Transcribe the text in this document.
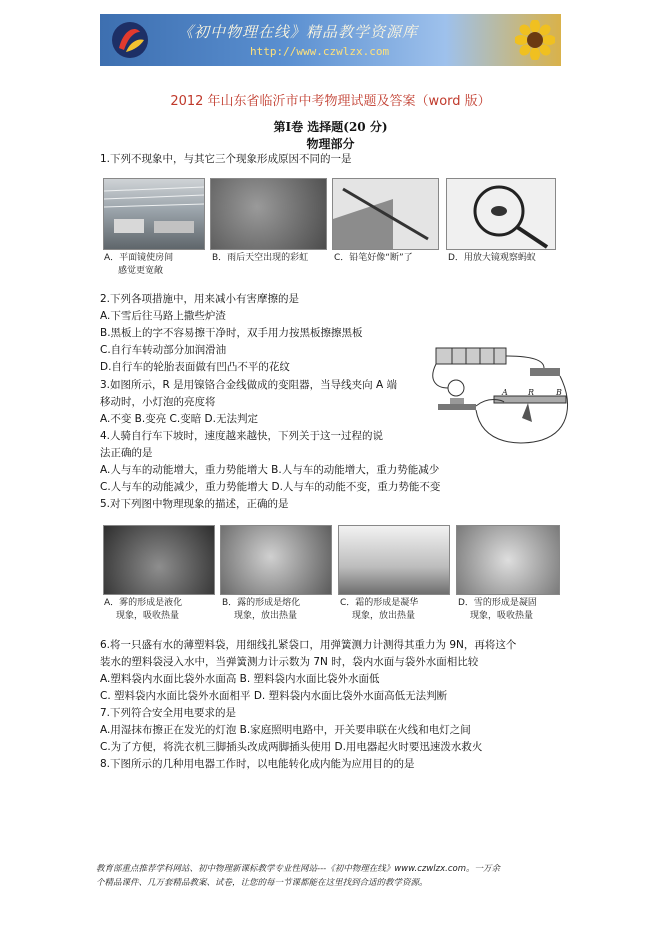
《初中物理在线》精品教学资源库
http://www.czwlzx.com
2012 年山东省临沂市中考物理试题及答案（word 版）
第Ⅰ卷 选择题(20 分)
物理部分
1.下列不现象中，与其它三个现象形成原因不同的一是
A．平面镜使房间
感觉更宽敞
B．雨后天空出现的彩虹	C．铅笔好像“断”了	D．用放大镜观察蚂蚁
2.下列各项措施中，用来减小有害摩擦的是
A.下雪后往马路上撒些炉渣
B.黑板上的字不容易擦干净时，双手用力按黑板擦擦黑板
C.自行车转动部分加润滑油
D.自行车的轮胎表面做有凹凸不平的花纹
3.如图所示，R 是用镍铬合金线做成的变阻器，当导线夹向 A 端
移动时，小灯泡的亮度将
A.不变 B.变亮 C.变暗 D.无法判定
A	R	B
4.人骑自行车下坡时，速度越来越快，下列关于这一过程的说
法正确的是
A.人与车的动能增大，重力势能增大 B.人与车的动能增大，重力势能减少
C.人与车的动能减少，重力势能增大 D.人与车的动能不变，重力势能不变
5.对下列图中物理现象的描述，正确的是
A．雾的形成是液化
现象，吸收热量
B．露的形成是熔化
现象，放出热量
C．霜的形成是凝华
现象，放出热量
D．雪的形成是凝固
现象，吸收热量
6.将一只盛有水的薄塑料袋，用细线扎紧袋口，用弹簧测力计测得其重力为 9N，再将这个
装水的塑料袋浸入水中，当弹簧测力计示数为 7N 时，袋内水面与袋外水面相比较
A.塑料袋内水面比袋外水面高 B. 塑料袋内水面比袋外水面低
C. 塑料袋内水面比袋外水面相平 D. 塑料袋内水面比袋外水面高低无法判断
7.下列符合安全用电要求的是
A.用湿抹布擦正在发光的灯泡 B.家庭照明电路中，开关要串联在火线和电灯之间
C.为了方便，将洗衣机三脚插头改成两脚插头使用 D.用电器起火时要迅速泼水救火
8.下图所示的几种用电器工作时，以电能转化成内能为应用目的的是
教育部重点推荐学科网站、初中物理新课标教学专业性网站---《初中物理在线》www.czwlzx.com。一万余
个精品课件、几万套精品教案、试卷，让您的每一节课都能在这里找到合适的教学资源。
